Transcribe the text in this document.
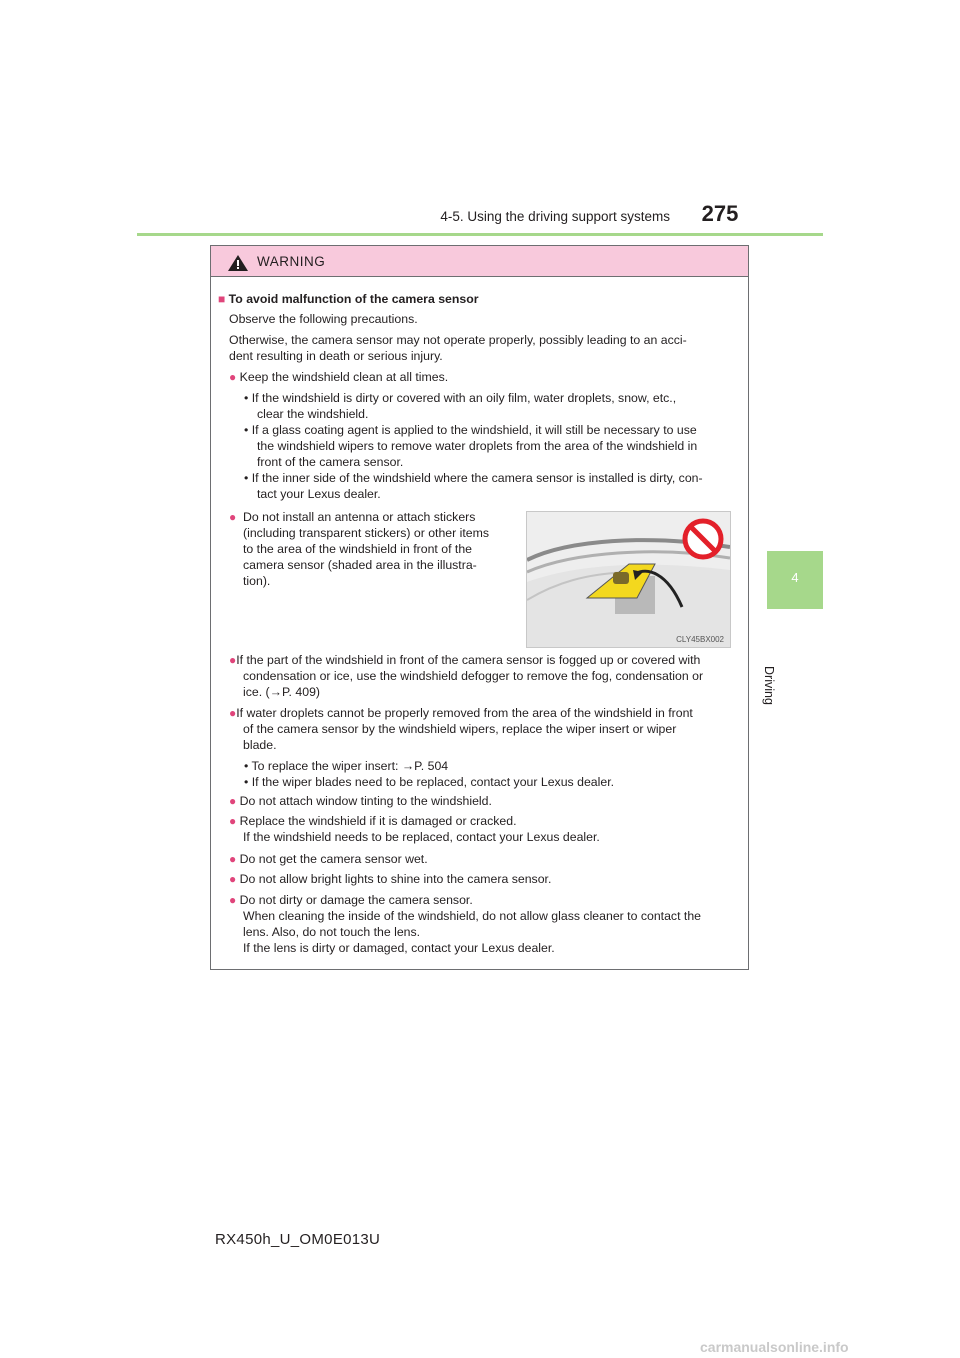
4-5. Using the driving support systems	275
4
Driving
WARNING
■ To avoid malfunction of the camera sensor
Observe the following precautions.
Otherwise, the camera sensor may not operate properly, possibly leading to an acci-
dent resulting in death or serious injury.
● Keep the windshield clean at all times.
• If the windshield is dirty or covered with an oily film, water droplets, snow, etc.,
clear the windshield.
• If a glass coating agent is applied to the windshield, it will still be necessary to use
the windshield wipers to remove water droplets from the area of the windshield in
front of the camera sensor.
• If the inner side of the windshield where the camera sensor is installed is dirty, con-
tact your Lexus dealer.
● Do not install an antenna or attach stickers
(including transparent stickers) or other items
to the area of the windshield in front of the
camera sensor (shaded area in the illustra-
tion).
CLY45BX002
●If the part of the windshield in front of the camera sensor is fogged up or covered with
condensation or ice, use the windshield defogger to remove the fog, condensation or
ice. (→P. 409)
●If water droplets cannot be properly removed from the area of the windshield in front
of the camera sensor by the windshield wipers, replace the wiper insert or wiper
blade.
• To replace the wiper insert: →P. 504
• If the wiper blades need to be replaced, contact your Lexus dealer.
● Do not attach window tinting to the windshield.
● Replace the windshield if it is damaged or cracked.
If the windshield needs to be replaced, contact your Lexus dealer.
● Do not get the camera sensor wet.
● Do not allow bright lights to shine into the camera sensor.
● Do not dirty or damage the camera sensor.
When cleaning the inside of the windshield, do not allow glass cleaner to contact the
lens. Also, do not touch the lens.
If the lens is dirty or damaged, contact your Lexus dealer.
RX450h_U_OM0E013U
carmanualsonline.info
